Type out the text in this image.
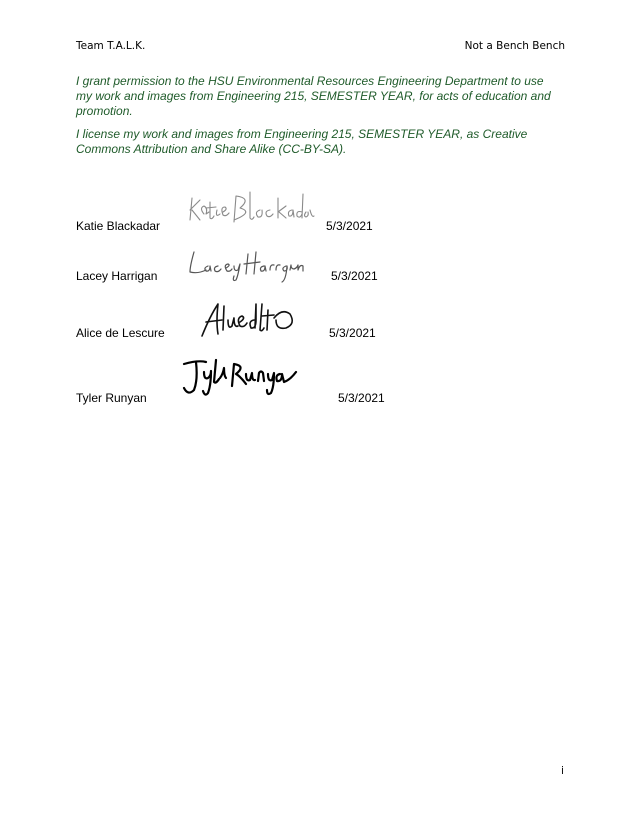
Team T.A.L.K.	Not a Bench Bench

I grant permission to the HSU Environmental Resources Engineering Department to use my work and images from Engineering 215, SEMESTER YEAR, for acts of education and promotion.

I license my work and images from Engineering 215, SEMESTER YEAR, as Creative Commons Attribution and Share Alike (CC-BY-SA).

Katie Blackadar	5/3/2021
Lacey Harrigan	5/3/2021
Alice de Lescure	5/3/2021
Tyler Runyan	5/3/2021
i
